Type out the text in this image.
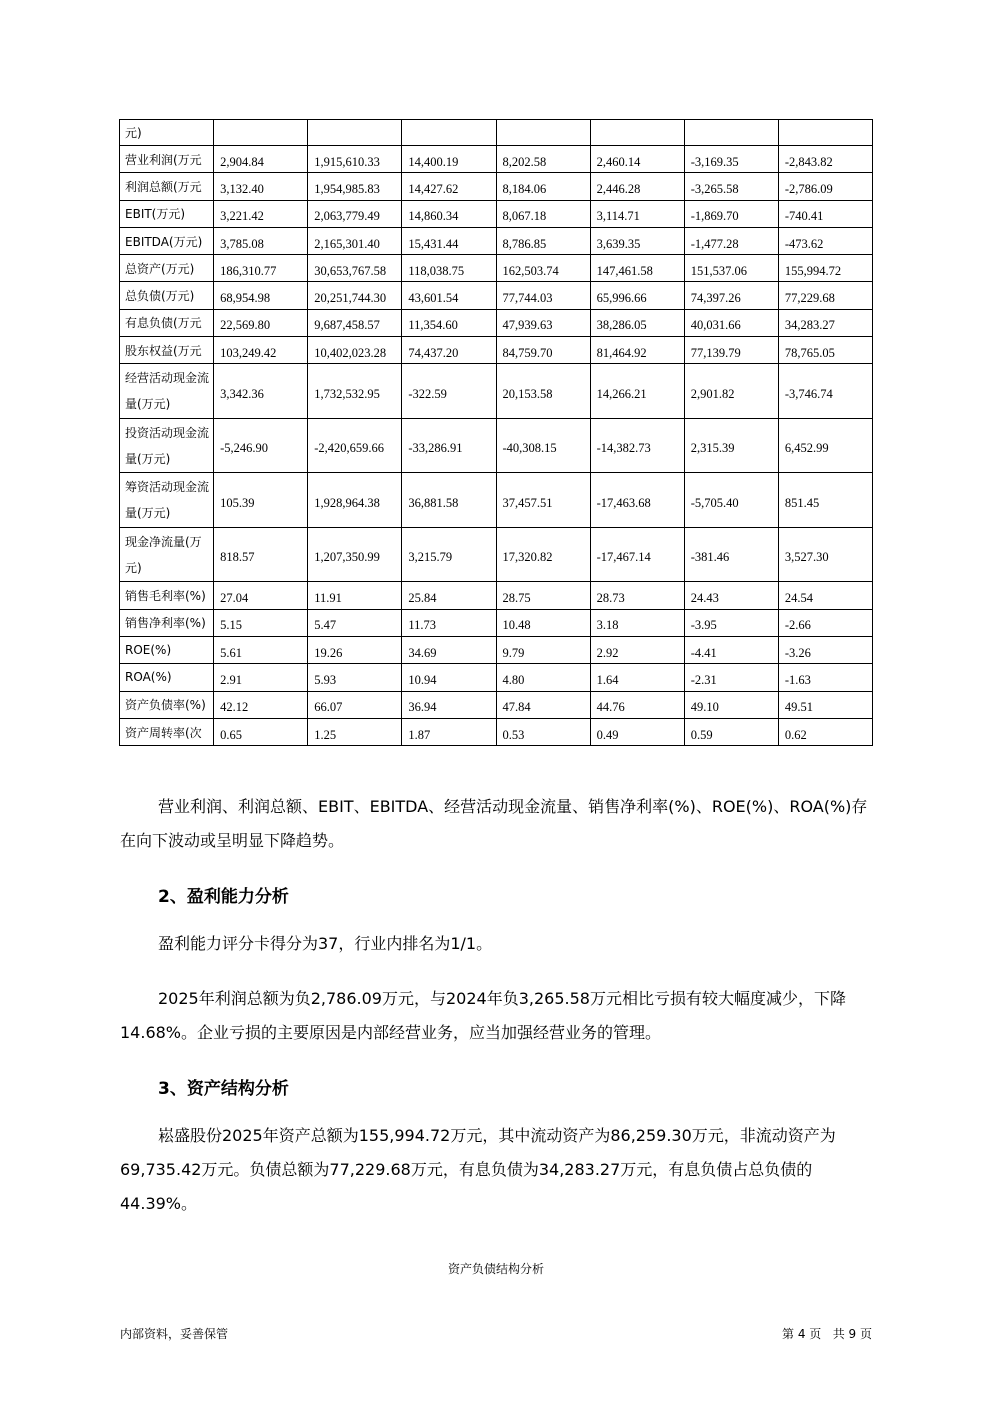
元)							
营业利润(万元	2,904.84	1,915,610.33	14,400.19	8,202.58	2,460.14	-3,169.35	-2,843.82
利润总额(万元	3,132.40	1,954,985.83	14,427.62	8,184.06	2,446.28	-3,265.58	-2,786.09
EBIT(万元)	3,221.42	2,063,779.49	14,860.34	8,067.18	3,114.71	-1,869.70	-740.41
EBITDA(万元)	3,785.08	2,165,301.40	15,431.44	8,786.85	3,639.35	-1,477.28	-473.62
总资产(万元)	186,310.77	30,653,767.58	118,038.75	162,503.74	147,461.58	151,537.06	155,994.72
总负债(万元)	68,954.98	20,251,744.30	43,601.54	77,744.03	65,996.66	74,397.26	77,229.68
有息负债(万元	22,569.80	9,687,458.57	11,354.60	47,939.63	38,286.05	40,031.66	34,283.27
股东权益(万元	103,249.42	10,402,023.28	74,437.20	84,759.70	81,464.92	77,139.79	78,765.05
经营活动现金流量(万元)	3,342.36	1,732,532.95	-322.59	20,153.58	14,266.21	2,901.82	-3,746.74
投资活动现金流量(万元)	-5,246.90	-2,420,659.66	-33,286.91	-40,308.15	-14,382.73	2,315.39	6,452.99
筹资活动现金流量(万元)	105.39	1,928,964.38	36,881.58	37,457.51	-17,463.68	-5,705.40	851.45
现金净流量(万元)	818.57	1,207,350.99	3,215.79	17,320.82	-17,467.14	-381.46	3,527.30
销售毛利率(%)	27.04	11.91	25.84	28.75	28.73	24.43	24.54
销售净利率(%)	5.15	5.47	11.73	10.48	3.18	-3.95	-2.66
ROE(%)	5.61	19.26	34.69	9.79	2.92	-4.41	-3.26
ROA(%)	2.91	5.93	10.94	4.80	1.64	-2.31	-1.63
资产负债率(%)	42.12	66.07	36.94	47.84	44.76	49.10	49.51
资产周转率(次	0.65	1.25	1.87	0.53	0.49	0.59	0.62

营业利润、利润总额、EBIT、EBITDA、经营活动现金流量、销售净利率(%)、ROE(%)、ROA(%)存在向下波动或呈明显下降趋势。

2、盈利能力分析

盈利能力评分卡得分为37，行业内排名为1/1。

2025年利润总额为负2,786.09万元，与2024年负3,265.58万元相比亏损有较大幅度减少，下降14.68%。企业亏损的主要原因是内部经营业务，应当加强经营业务的管理。

3、资产结构分析

崧盛股份2025年资产总额为155,994.72万元，其中流动资产为86,259.30万元，非流动资产为69,735.42万元。负债总额为77,229.68万元，有息负债为34,283.27万元，有息负债占总负债的44.39%。

资产负债结构分析
内部资料，妥善保管	第 4 页   共 9 页
